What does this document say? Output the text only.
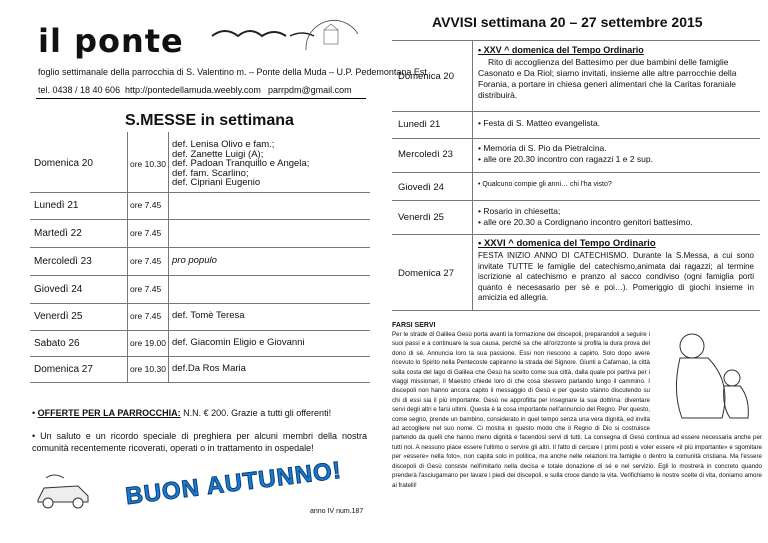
il ponte
foglio settimanale della parrocchia di S. Valentino m. – Ponte della Muda – U.P. Pedemontana Est
tel. 0438 / 18 40 606 http://pontedellamuda.weebly.com parrpdm@gmail.com
S.MESSE in settimana
Domenica 20	ore 10.30
def. Lenisa Olivo e fam.;
def. Zanette Luigi (A);
def. Padoan Tranquillo e Angela;
def. fam. Scarlino;
def. Cipriani Eugenio
Lunedì 21	ore 7.45
Martedì 22	ore 7.45
Mercoledì 23	ore 7.45 pro populo
Giovedì 24	ore 7.45
Venerdì 25	ore 7.45 def. Tomè Teresa
Sabato 26	ore 19.00 def. Giacomin Eligio e Giovanni
Domenica 27	ore 10.30 def.Da Ros Maria
• OFFERTE PER LA PARROCCHIA: N.N. € 200. Grazie a tutti gli offerenti!
• Un saluto e un ricordo speciale di preghiera per alcuni membri della nostra comunità recentemente ricoverati, operati o in trattamento in ospedale!
BUON AUTUNNO!
anno IV num.187
AVVISI settimana 20 – 27 settembre 2015
Domenica 20
• XXV ^ domenica del Tempo Ordinario
Rito di accoglienza del Battesimo per due bambini delle famiglie Casonato e Da Riol; siamo invitati, insieme alle altre parrocchie della Forania, a portare in chiesa generi alimentari che la Caritas foraniale distribuirà.
Lunedì 21	• Festa di S. Matteo evangelista.
Mercoledì 23
• Memoria di S. Pio da Pietralcina.
• alle ore 20.30 incontro con ragazzi 1 e 2 sup.
Giovedì 24	• Qualcuno compie gli anni… chi l'ha visto?
Venerdì 25
• Rosario in chiesetta;
• alle ore 20.30 a Cordignano incontro genitori battesimo.
Domenica 27
• XXVI ^ domenica del Tempo Ordinario
FESTA INIZIO ANNO DI CATECHISMO. Durante la S.Messa, a cui sono invitate TUTTE le famiglie del catechismo,animata dai ragazzi; al termine iscrizione al catechismo e pranzo al sacco condiviso (ogni famiglia porti quanto è necesasario per sè e poi…). Pomeriggio di giochi insieme in amicizia ed allegria.
FARSI SERVI
Per le strade di Galilea Gesù porta avanti la formazione dei discepoli, preparandoli a seguire i suoi passi e a continuare la sua causa, perché sa che all'orizzonte si profila la dura prova del dono di sé. Annuncia loro la sua passione. Essi non riescono a capirlo. Solo dopo avere ricevuto lo Spirito nella Pentecoste capiranno la strada del Signore. Giunti a Cafarnao, la città sulla costa del lago di Galilea che Gesù ha scelto come sua città, dalla quale poi partiva per i viaggi missionari, il Maestro chiede loro di che cosa stessero parlando lungo il cammino. I discepoli non hanno ancora capito il messaggio di Gesù e per questo stanno discutendo su chi di essi sia il più importante. Gesù ne approfitta per insegnare la sua dottrina: diventare servi degli altri e farsi ultimi. Questa è la cosa importante nell'annuncio del Regno. Per questo, come segno, prende un bambino, considerato in quel tempo senza una vera dignità, ed invita ad accogliere nel suo nome. Ci mostra in questo modo che il Regno di Dio si costruisce partendo da quelli che hanno meno dignità e facendosi servi di tutti. La consegna di Gesù continua ad essere necessaria anche per tutti noi. A nessuno piace essere l'ultimo o servire gli altri. Il fatto di cercare i primi posti e voler essere «il più importante» e sgomitare per «essere» nella foto», non capita solo in politica, ma anche nelle relazioni tra famiglie o dentro la comunità cristiana. Ma l'essere discepoli di Gesù consiste nell'imitarlo nella decisa e totale donazione di sé e nel servizio. Egli lo mostrerà in concreto quando prenderà l'asciugamano per lavare i piedi dei discepoli, e sulla croce dando la vita. Verifichiamo le nostre scelte di vita, doniamo amore ai fratelli!
